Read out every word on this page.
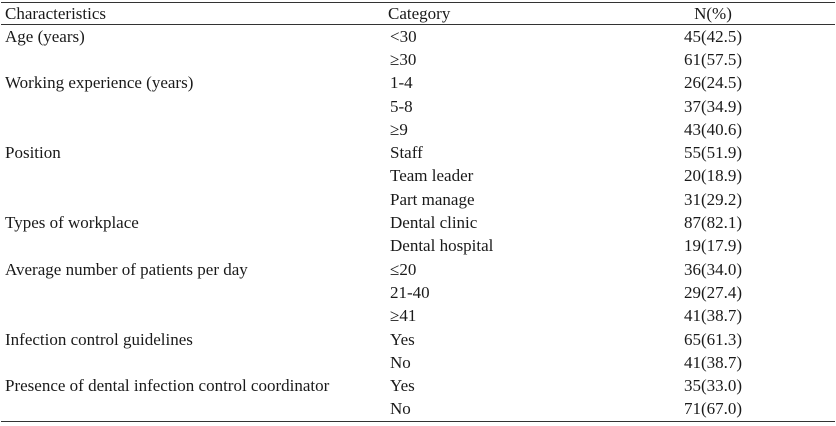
Characteristics	Category	N(%)
Age (years)	<30	45(42.5)
	≥30	61(57.5)
Working experience (years)	1-4	26(24.5)
	5-8	37(34.9)
	≥9	43(40.6)
Position	Staff	55(51.9)
	Team leader	20(18.9)
	Part manage	31(29.2)
Types of workplace	Dental clinic	87(82.1)
	Dental hospital	19(17.9)
Average number of patients per day	≤20	36(34.0)
	21-40	29(27.4)
	≥41	41(38.7)
Infection control guidelines	Yes	65(61.3)
	No	41(38.7)
Presence of dental infection control coordinator	Yes	35(33.0)
	No	71(67.0)
